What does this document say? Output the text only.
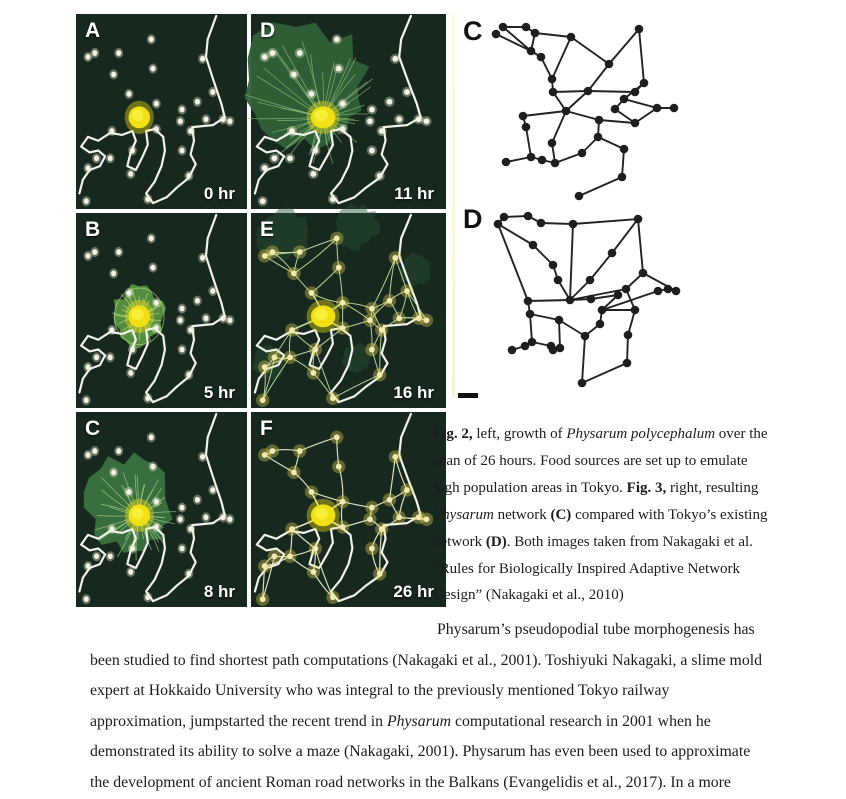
A
0 hr
D
11 hr
B
5 hr
E
16 hr
C
8 hr
F
26 hr
C
D
Fig. 2, left, growth of Physarum polycephalum over the
span of 26 hours. Food sources are set up to emulate
high population areas in Tokyo. Fig. 3, right, resulting
Physarum network (C) compared with Tokyo’s existing
network (D). Both images taken from Nakagaki et al.
“Rules for Biologically Inspired Adaptive Network
Design” (Nakagaki et al., 2010)
Physarum’s pseudopodial tube morphogenesis has
been studied to find shortest path computations (Nakagaki et al., 2001). Toshiyuki Nakagaki, a slime mold
expert at Hokkaido University who was integral to the previously mentioned Tokyo railway
approximation, jumpstarted the recent trend in Physarum computational research in 2001 when he
demonstrated its ability to solve a maze (Nakagaki, 2001). Physarum has even been used to approximate
the development of ancient Roman road networks in the Balkans (Evangelidis et al., 2017). In a more
